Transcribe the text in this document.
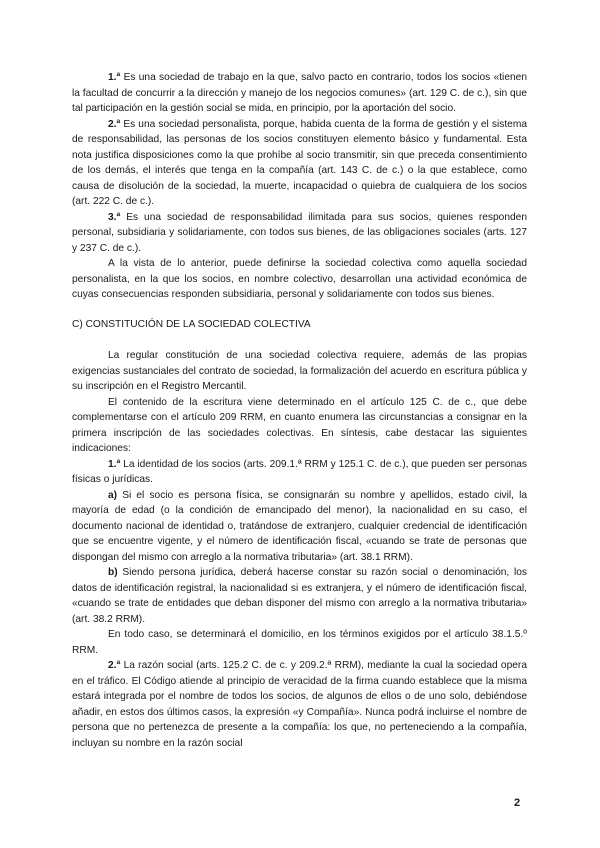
1.ª Es una sociedad de trabajo en la que, salvo pacto en contrario, todos los socios «tienen la facultad de concurrir a la dirección y manejo de los negocios comunes» (art. 129 C. de c.), sin que tal participación en la gestión social se mida, en principio, por la aportación del socio.

2.ª Es una sociedad personalista, porque, habida cuenta de la forma de gestión y el sistema de responsabilidad, las personas de los socios constituyen elemento básico y fundamental. Esta nota justifica disposiciones como la que prohíbe al socio transmitir, sin que preceda consentimiento de los demás, el interés que tenga en la compañía (art. 143 C. de c.) o la que establece, como causa de disolución de la sociedad, la muerte, incapacidad o quiebra de cualquiera de los socios (art. 222 C. de c.).

3.ª Es una sociedad de responsabilidad ilimitada para sus socios, quienes responden personal, subsidiaria y solidariamente, con todos sus bienes, de las obligaciones sociales (arts. 127 y 237 C. de c.).

A la vista de lo anterior, puede definirse la sociedad colectiva como aquella sociedad personalista, en la que los socios, en nombre colectivo, desarrollan una actividad económica de cuyas consecuencias responden subsidiaria, personal y solidariamente con todos sus bienes.

C) CONSTITUCIÓN DE LA SOCIEDAD COLECTIVA

La regular constitución de una sociedad colectiva requiere, además de las propias exigencias sustanciales del contrato de sociedad, la formalización del acuerdo en escritura pública y su inscripción en el Registro Mercantil.

El contenido de la escritura viene determinado en el artículo 125 C. de c., que debe complementarse con el artículo 209 RRM, en cuanto enumera las circunstancias a consignar en la primera inscripción de las sociedades colectivas. En síntesis, cabe destacar las siguientes indicaciones:

1.ª La identidad de los socios (arts. 209.1.ª RRM y 125.1 C. de c.), que pueden ser personas físicas o jurídicas.

a) Si el socio es persona física, se consignarán su nombre y apellidos, estado civil, la mayoría de edad (o la condición de emancipado del menor), la nacionalidad en su caso, el documento nacional de identidad o, tratándose de extranjero, cualquier credencial de identificación que se encuentre vigente, y el número de identificación fiscal, «cuando se trate de personas que dispongan del mismo con arreglo a la normativa tributaria» (art. 38.1 RRM).

b) Siendo persona jurídica, deberá hacerse constar su razón social o denominación, los datos de identificación registral, la nacionalidad si es extranjera, y el número de identificación fiscal, «cuando se trate de entidades que deban disponer del mismo con arreglo a la normativa tributaria» (art. 38.2 RRM).

En todo caso, se determinará el domicilio, en los términos exigidos por el artículo 38.1.5.º RRM.

2.ª La razón social (arts. 125.2 C. de c. y 209.2.ª RRM), mediante la cual la sociedad opera en el tráfico. El Código atiende al principio de veracidad de la firma cuando establece que la misma estará integrada por el nombre de todos los socios, de algunos de ellos o de uno solo, debiéndose añadir, en estos dos últimos casos, la expresión «y Compañía». Nunca podrá incluirse el nombre de persona que no pertenezca de presente a la compañía: los que, no perteneciendo a la compañía, incluyan su nombre en la razón social

2
